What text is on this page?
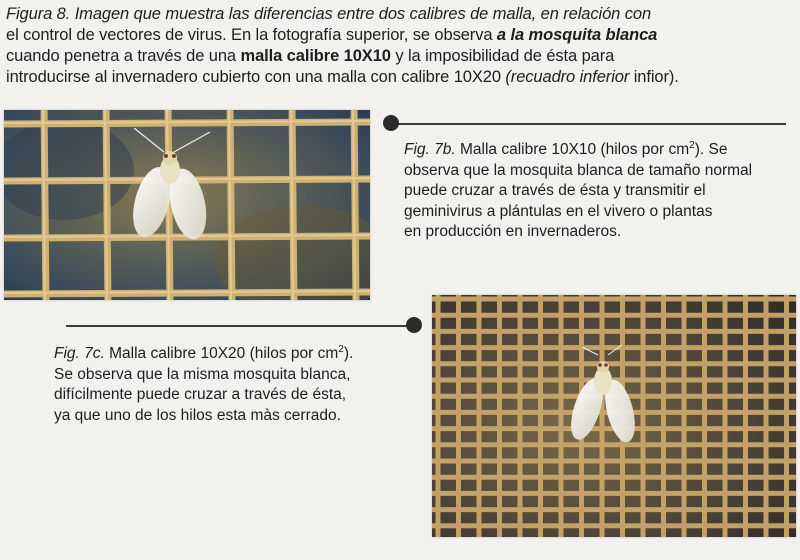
Figura 8. Imagen que muestra las diferencias entre dos calibres de malla, en relación con
el control de vectores de virus. En la fotografía superior, se observa a la mosquita blanca
cuando penetra a través de una malla calibre 10X10 y la imposibilidad de ésta para
introducirse al invernadero cubierto con una malla con calibre 10X20 (recuadro inferior infior).
Fig. 7b. Malla calibre 10X10 (hilos por $cm^2$). Se
observa que la mosquita blanca de tamaño normal
puede cruzar a través de ésta y transmitir el
geminivirus a plántulas en el vivero o plantas
en producción en invernaderos.
Fig. 7c. Malla calibre 10X20 (hilos por $cm^2$).
Se observa que la misma mosquita blanca,
difícilmente puede cruzar a través de ésta,
ya que uno de los hilos esta màs cerrado.
